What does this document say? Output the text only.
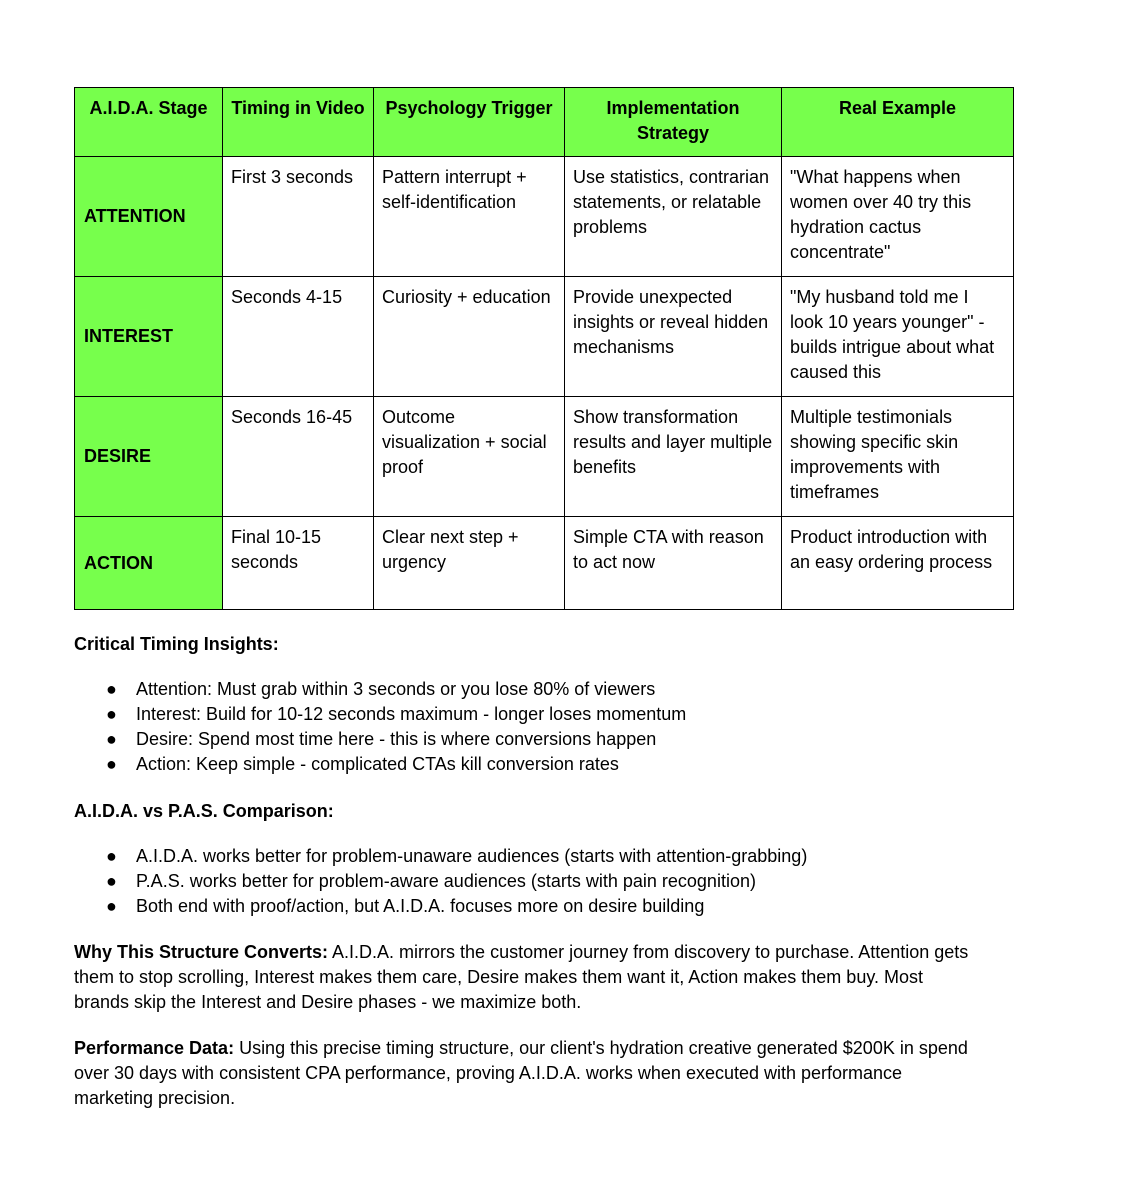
A.I.D.A. Stage	Timing in Video	Psychology Trigger	Implementation Strategy	Real Example
ATTENTION	First 3 seconds	Pattern interrupt + self-identification	Use statistics, contrarian statements, or relatable problems	"What happens when women over 40 try this hydration cactus concentrate"
INTEREST	Seconds 4-15	Curiosity + education	Provide unexpected insights or reveal hidden mechanisms	"My husband told me I look 10 years younger" - builds intrigue about what caused this
DESIRE	Seconds 16-45	Outcome visualization + social proof	Show transformation results and layer multiple benefits	Multiple testimonials showing specific skin improvements with timeframes
ACTION	Final 10-15 seconds	Clear next step + urgency	Simple CTA with reason to act now	Product introduction with an easy ordering process
Critical Timing Insights:
● Attention: Must grab within 3 seconds or you lose 80% of viewers
● Interest: Build for 10-12 seconds maximum - longer loses momentum
● Desire: Spend most time here - this is where conversions happen
● Action: Keep simple - complicated CTAs kill conversion rates
A.I.D.A. vs P.A.S. Comparison:
● A.I.D.A. works better for problem-unaware audiences (starts with attention-grabbing)
● P.A.S. works better for problem-aware audiences (starts with pain recognition)
● Both end with proof/action, but A.I.D.A. focuses more on desire building

Why This Structure Converts: A.I.D.A. mirrors the customer journey from discovery to purchase. Attention gets them to stop scrolling, Interest makes them care, Desire makes them want it, Action makes them buy. Most brands skip the Interest and Desire phases - we maximize both.

Performance Data: Using this precise timing structure, our client's hydration creative generated $200K in spend over 30 days with consistent CPA performance, proving A.I.D.A. works when executed with performance marketing precision.
